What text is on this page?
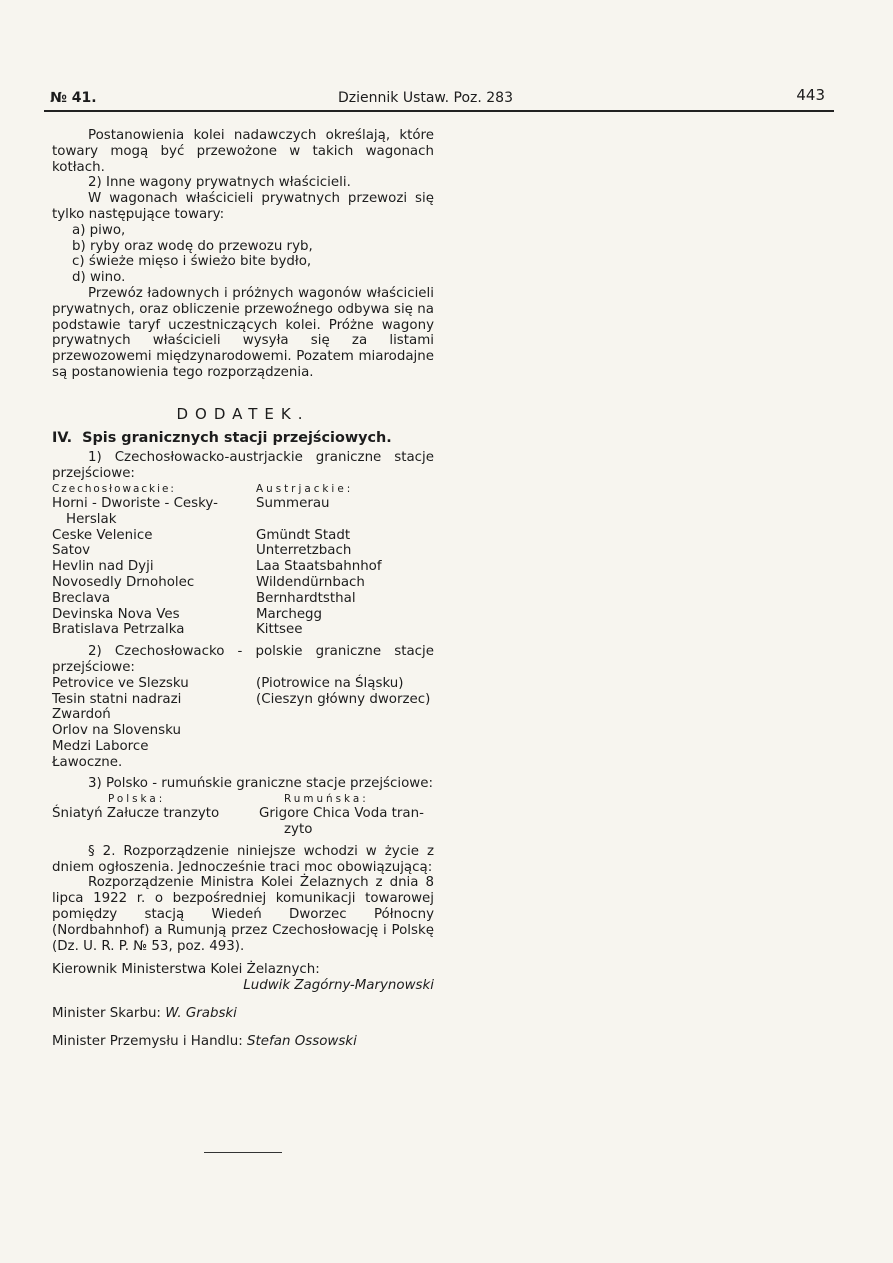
№ 41.	Dziennik Ustaw. Poz. 283	443

Postanowienia kolei nadawczych określają, które towary mogą być przewożone w takich wagonach kotłach.

2) Inne wagony prywatnych właścicieli.

W wagonach właścicieli prywatnych przewozi się tylko następujące towary:

a) piwo,
b) ryby oraz wodę do przewozu ryb,
c) świeże mięso i świeżo bite bydło,
d) wino.

Przewóz ładownych i próżnych wagonów właścicieli prywatnych, oraz obliczenie przewoźnego odbywa się na podstawie taryf uczestniczących kolei. Próżne wagony prywatnych właścicieli wysyła się za listami przewozowemi międzynarodowemi. Pozatem miarodajne są postanowienia tego rozporządzenia.

DODATEK.
IV. Spis granicznych stacji przejściowych.

1) Czechosłowacko-austrjackie graniczne stacje przejściowe:

Czechosłowackie:	Austrjackie:
Horni - Dworiste - Cesky-	Summerau
Herslak
Ceske Velenice	Gmündt Stadt
Satov	Unterretzbach
Hevlin nad Dyji	Laa Staatsbahnhof
Novosedly Drnoholec	Wildendürnbach
Breclava	Bernhardtsthal
Devinska Nova Ves	Marchegg
Bratislava Petrzalka	Kittsee

2) Czechosłowacko - polskie graniczne stacje przejściowe:

Petrovice ve Slezsku	(Piotrowice na Śląsku)
Tesin statni nadrazi	(Cieszyn główny dworzec)
Zwardoń
Orlov na Slovensku
Medzi Laborce
Ławoczne.

3) Polsko - rumuńskie graniczne stacje przejściowe:

Polska:	Rumuńska:
Śniatyń Załucze tranzyto	Grigore Chica Voda tran-
zyto

§ 2. Rozporządzenie niniejsze wchodzi w życie z dniem ogłoszenia. Jednocześnie traci moc obowiązującą:

Rozporządzenie Ministra Kolei Żelaznych z dnia 8 lipca 1922 r. o bezpośredniej komunikacji towarowej pomiędzy stacją Wiedeń Dworzec Północny (Nordbahnhof) a Rumunją przez Czechosłowację i Polskę (Dz. U. R. P. № 53, poz. 493).

Kierownik Ministerstwa Kolei Żelaznych:
Ludwik Zagórny-Marynowski
Minister Skarbu: W. Grabski
Minister Przemysłu i Handlu: Stefan Ossowski
